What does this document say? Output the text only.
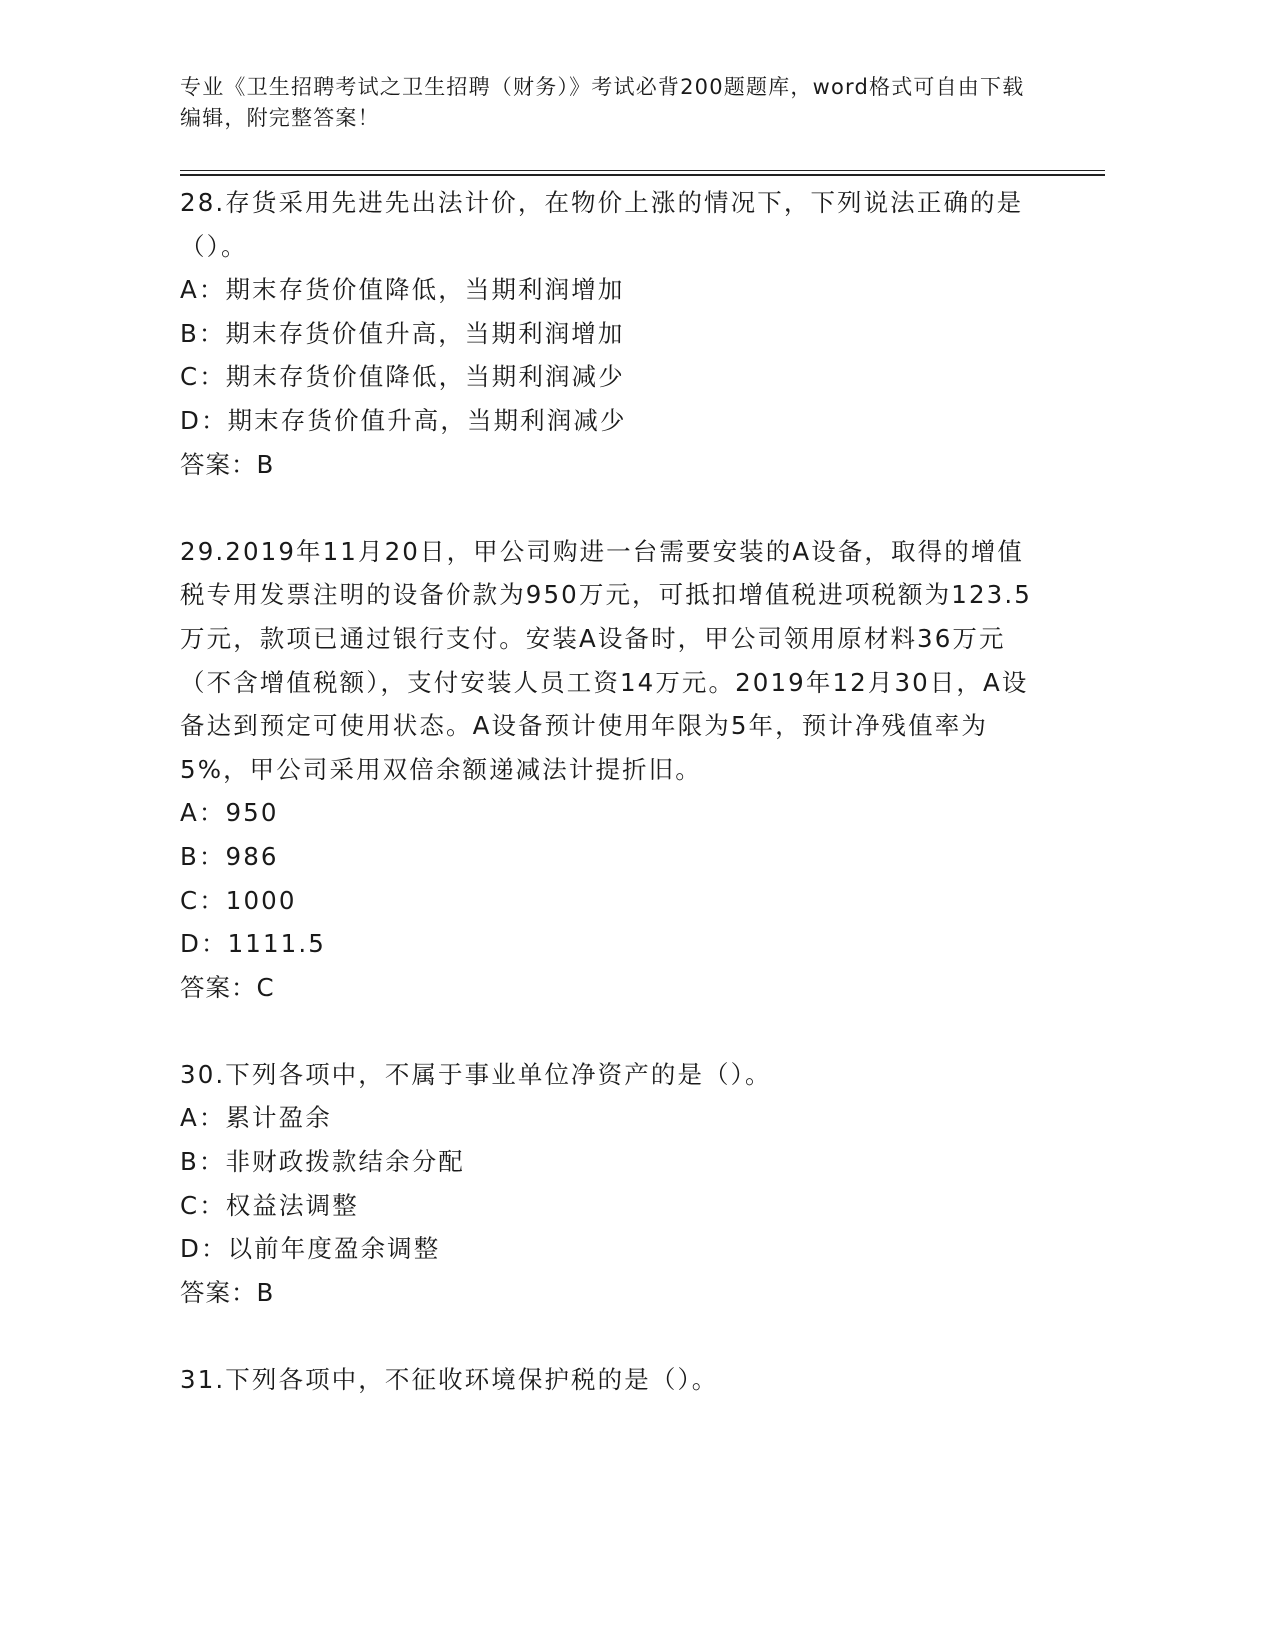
专业《卫生招聘考试之卫生招聘（财务）》考试必背200题题库，word格式可自由下载编辑，附完整答案！

28.存货采用先进先出法计价，在物价上涨的情况下，下列说法正确的是（）。

A：期末存货价值降低，当期利润增加

B：期末存货价值升高，当期利润增加

C：期末存货价值降低，当期利润减少

D：期末存货价值升高，当期利润减少

答案：B

29.2019年11月20日，甲公司购进一台需要安装的A设备，取得的增值税专用发票注明的设备价款为950万元，可抵扣增值税进项税额为123.5万元，款项已通过银行支付。安装A设备时，甲公司领用原材料36万元（不含增值税额），支付安装人员工资14万元。2019年12月30日，A设备达到预定可使用状态。A设备预计使用年限为5年，预计净残值率为5%，甲公司采用双倍余额递减法计提折旧。

A：950

B：986

C：1000

D：1111.5

答案：C

30.下列各项中，不属于事业单位净资产的是（）。

A：累计盈余

B：非财政拨款结余分配

C：权益法调整

D：以前年度盈余调整

答案：B

31.下列各项中，不征收环境保护税的是（）。
